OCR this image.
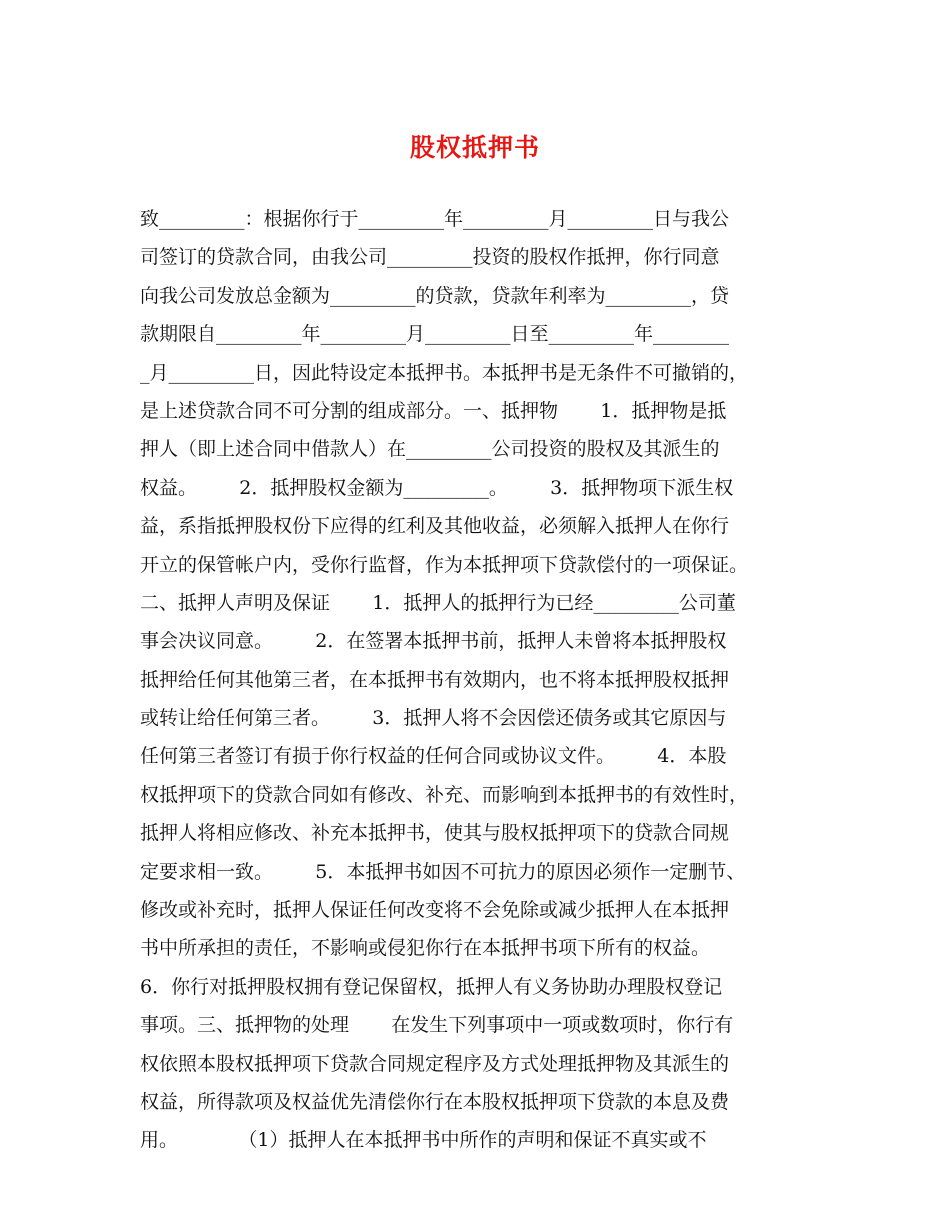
股权抵押书
致_________：根据你行于_________年_________月_________日与我公
司签订的贷款合同，由我公司_________投资的股权作抵押，你行同意
向我公司发放总金额为_________的贷款，贷款年利率为_________，贷
款期限自_________年_________月_________日至_________年________
_月_________日，因此特设定本抵押书。本抵押书是无条件不可撤销的，
是上述贷款合同不可分割的组成部分。一、抵押物       1．抵押物是抵
押人（即上述合同中借款人）在_________公司投资的股权及其派生的
权益。       2．抵押股权金额为_________。       3．抵押物项下派生权
益，系指抵押股权份下应得的红利及其他收益，必须解入抵押人在你行
开立的保管帐户内，受你行监督，作为本抵押项下贷款偿付的一项保证。
二、抵押人声明及保证       1．抵押人的抵押行为已经_________公司董
事会决议同意。       2．在签署本抵押书前，抵押人未曾将本抵押股权
抵押给任何其他第三者，在本抵押书有效期内，也不将本抵押股权抵押
或转让给任何第三者。       3．抵押人将不会因偿还债务或其它原因与
任何第三者签订有损于你行权益的任何合同或协议文件。       4．本股
权抵押项下的贷款合同如有修改、补充、而影响到本抵押书的有效性时，
抵押人将相应修改、补充本抵押书，使其与股权抵押项下的贷款合同规
定要求相一致。       5．本抵押书如因不可抗力的原因必须作一定删节、
修改或补充时，抵押人保证任何改变将不会免除或减少抵押人在本抵押
书中所承担的责任，不影响或侵犯你行在本抵押书项下所有的权益。
6．你行对抵押股权拥有登记保留权，抵押人有义务协助办理股权登记
事项。三、抵押物的处理       在发生下列事项中一项或数项时，你行有
权依照本股权抵押项下贷款合同规定程序及方式处理抵押物及其派生的
权益，所得款项及权益优先清偿你行在本股权抵押项下贷款的本息及费
用。          （1）抵押人在本抵押书中所作的声明和保证不真实或不
